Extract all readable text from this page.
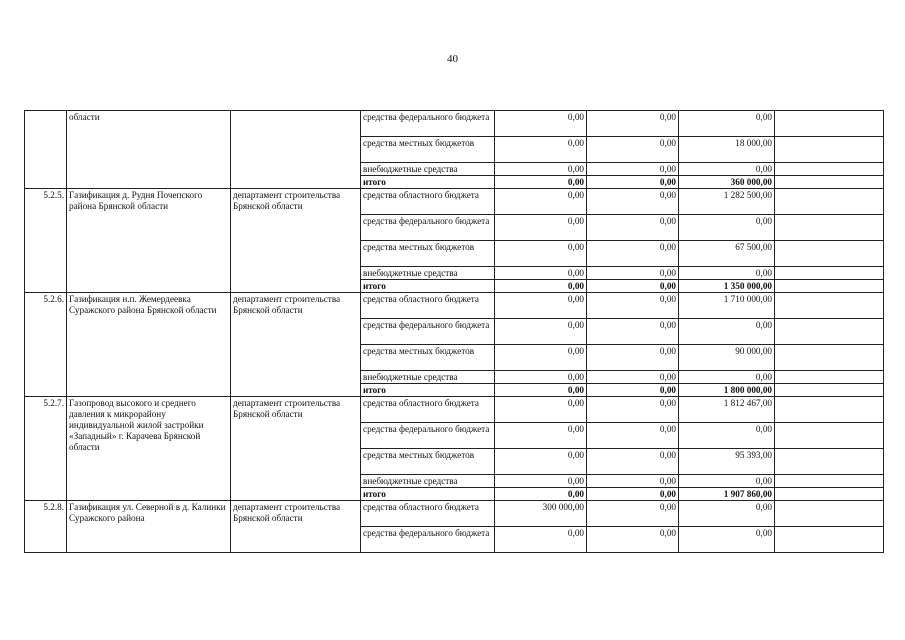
40
	области		средства федерального бюджета	0,00	0,00	0,00	
			средства местных бюджетов	0,00	0,00	18 000,00	
			внебюджетные средства	0,00	0,00	0,00	
			итого	0,00	0,00	360 000,00	
5.2.5.	Газификация д. Рудня Почепского района Брянской области	департамент строительства Брянской области	средства областного бюджета	0,00	0,00	1 282 500,00	
			средства федерального бюджета	0,00	0,00	0,00	
			средства местных бюджетов	0,00	0,00	67 500,00	
			внебюджетные средства	0,00	0,00	0,00	
			итого	0,00	0,00	1 350 000,00	
5.2.6.	Газификация н.п. Жемердеевка Суражского района Брянской области	департамент строительства Брянской области	средства областного бюджета	0,00	0,00	1 710 000,00	
			средства федерального бюджета	0,00	0,00	0,00	
			средства местных бюджетов	0,00	0,00	90 000,00	
			внебюджетные средства	0,00	0,00	0,00	
			итого	0,00	0,00	1 800 000,00	
5.2.7.	Газопровод высокого и среднего давления к микрорайону индивидуальной жилой застройки «Западный» г. Карачева Брянской области	департамент строительства Брянской области	средства областного бюджета	0,00	0,00	1 812 467,00	
			средства федерального бюджета	0,00	0,00	0,00	
			средства местных бюджетов	0,00	0,00	95 393,00	
			внебюджетные средства	0,00	0,00	0,00	
			итого	0,00	0,00	1 907 860,00	
5.2.8.	Газификация ул. Северной в д. Калинки Суражского района	департамент строительства Брянской области	средства областного бюджета	300 000,00	0,00	0,00	
			средства федерального бюджета	0,00	0,00	0,00	
